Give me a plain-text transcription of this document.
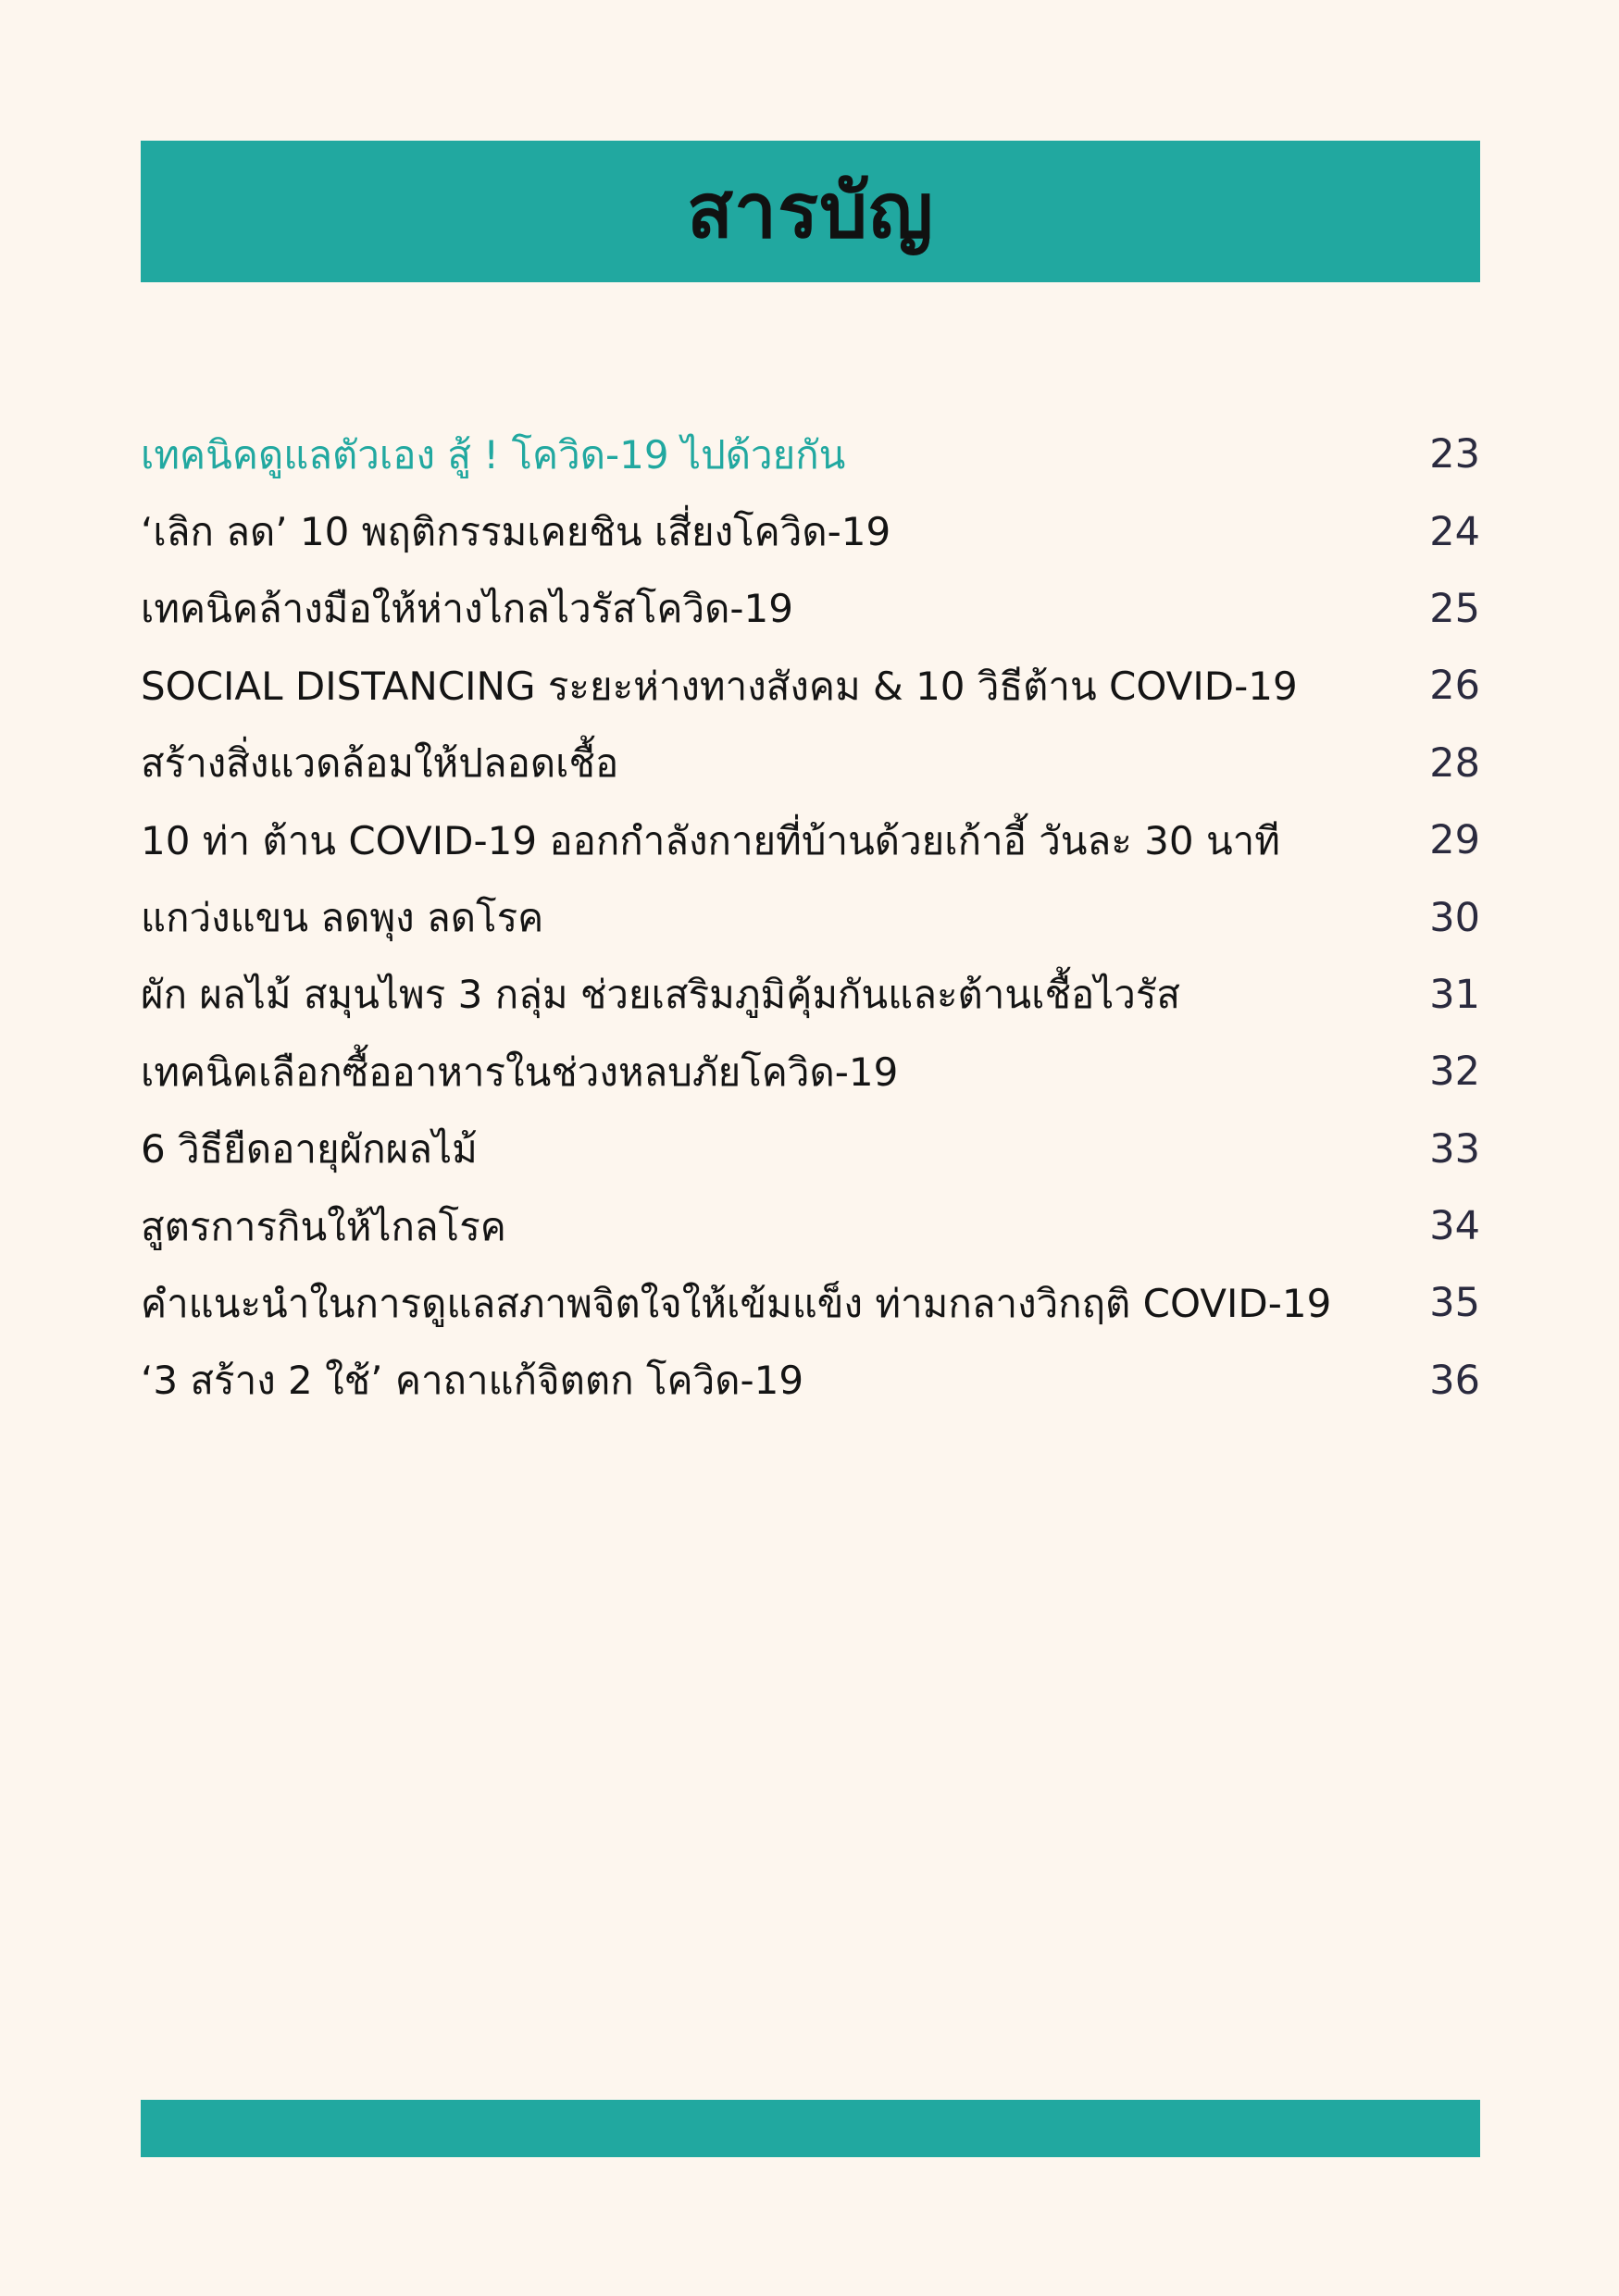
สารบัญ
เทคนิคดูแลตัวเอง สู้ ! โควิด-19 ไปด้วยกัน	23
‘เลิก ลด’ 10 พฤติกรรมเคยชิน เสี่ยงโควิด-19	24
เทคนิคล้างมือให้ห่างไกลไวรัสโควิด-19	25
SOCIAL DISTANCING ระยะห่างทางสังคม & 10 วิธีต้าน COVID-19	26
สร้างสิ่งแวดล้อมให้ปลอดเชื้อ	28
10 ท่า ต้าน COVID-19 ออกกำลังกายที่บ้านด้วยเก้าอี้ วันละ 30 นาที	29
แกว่งแขน ลดพุง ลดโรค	30
ผัก ผลไม้ สมุนไพร 3 กลุ่ม ช่วยเสริมภูมิคุ้มกันและต้านเชื้อไวรัส	31
เทคนิคเลือกซื้ออาหารในช่วงหลบภัยโควิด-19	32
6 วิธียืดอายุผักผลไม้	33
สูตรการกินให้ไกลโรค	34
คำแนะนำในการดูแลสภาพจิตใจให้เข้มแข็ง ท่ามกลางวิกฤติ COVID-19 35
‘3 สร้าง 2 ใช้’ คาถาแก้จิตตก โควิด-19	36
